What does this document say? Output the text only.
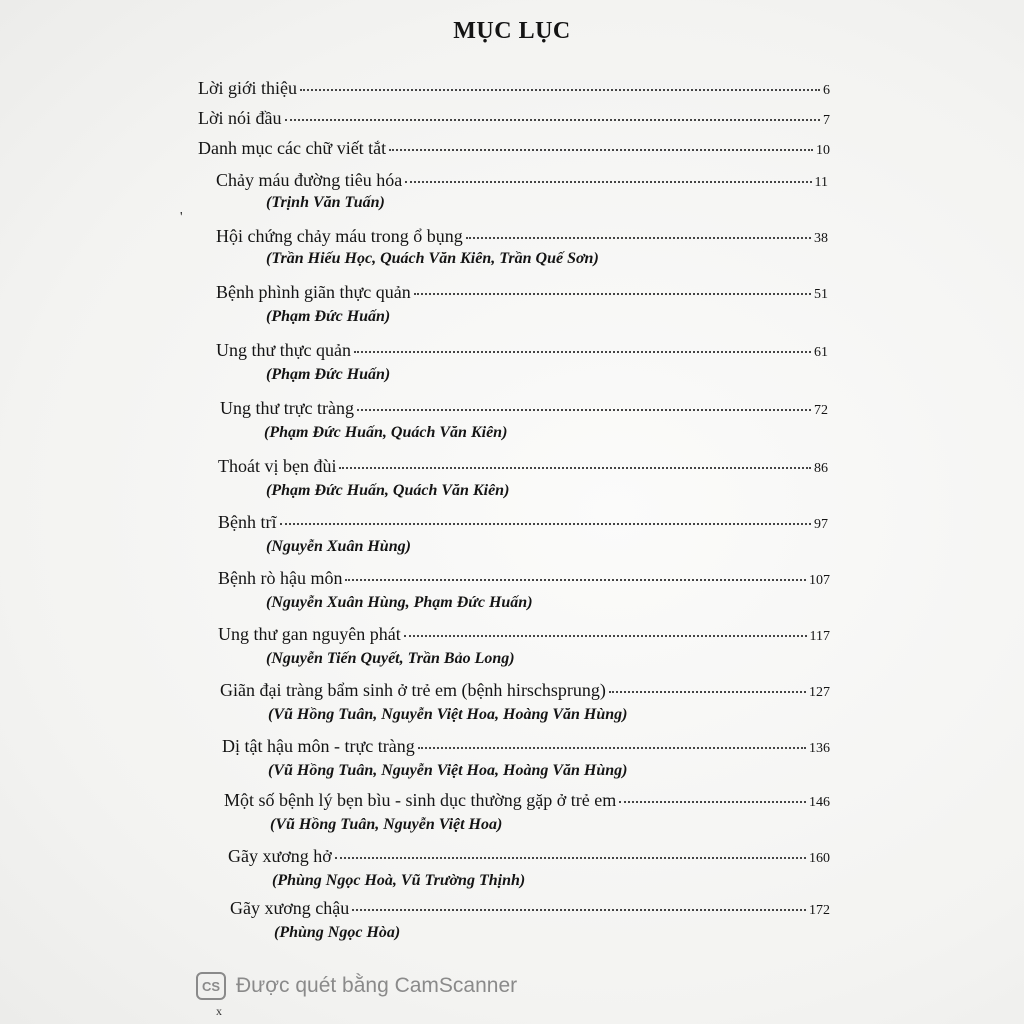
MỤC LỤC
'
Lời giới thiệu	6
Lời nói đầu	7
Danh mục các chữ viết tắt	10
Chảy máu đường tiêu hóa	11
(Trịnh Văn Tuấn)
Hội chứng chảy máu trong ổ bụng	38
(Trần Hiếu Học, Quách Văn Kiên, Trần Quế Sơn)
Bệnh phình giãn thực quản	51
(Phạm Đức Huấn)
Ung thư thực quản	61
(Phạm Đức Huấn)
Ung thư trực tràng	72
(Phạm Đức Huấn, Quách Văn Kiên)
Thoát vị bẹn đùi	86
(Phạm Đức Huấn, Quách Văn Kiên)
Bệnh trĩ	97
(Nguyễn Xuân Hùng)
Bệnh rò hậu môn	107
(Nguyễn Xuân Hùng, Phạm Đức Huấn)
Ung thư gan nguyên phát	117
(Nguyễn Tiến Quyết, Trần Bảo Long)
Giãn đại tràng bẩm sinh ở trẻ em (bệnh hirschsprung)	127
(Vũ Hồng Tuân, Nguyễn Việt Hoa, Hoàng Văn Hùng)
Dị tật hậu môn - trực tràng	136
(Vũ Hồng Tuân, Nguyễn Việt Hoa, Hoàng Văn Hùng)
Một số bệnh lý bẹn bìu - sinh dục thường gặp ở trẻ em	146
(Vũ Hồng Tuân, Nguyễn Việt Hoa)
Gãy xương hở	160
(Phùng Ngọc Hoà, Vũ Trường Thịnh)
Gãy xương chậu	172
(Phùng Ngọc Hòa)
CS Được quét bằng CamScanner
x
